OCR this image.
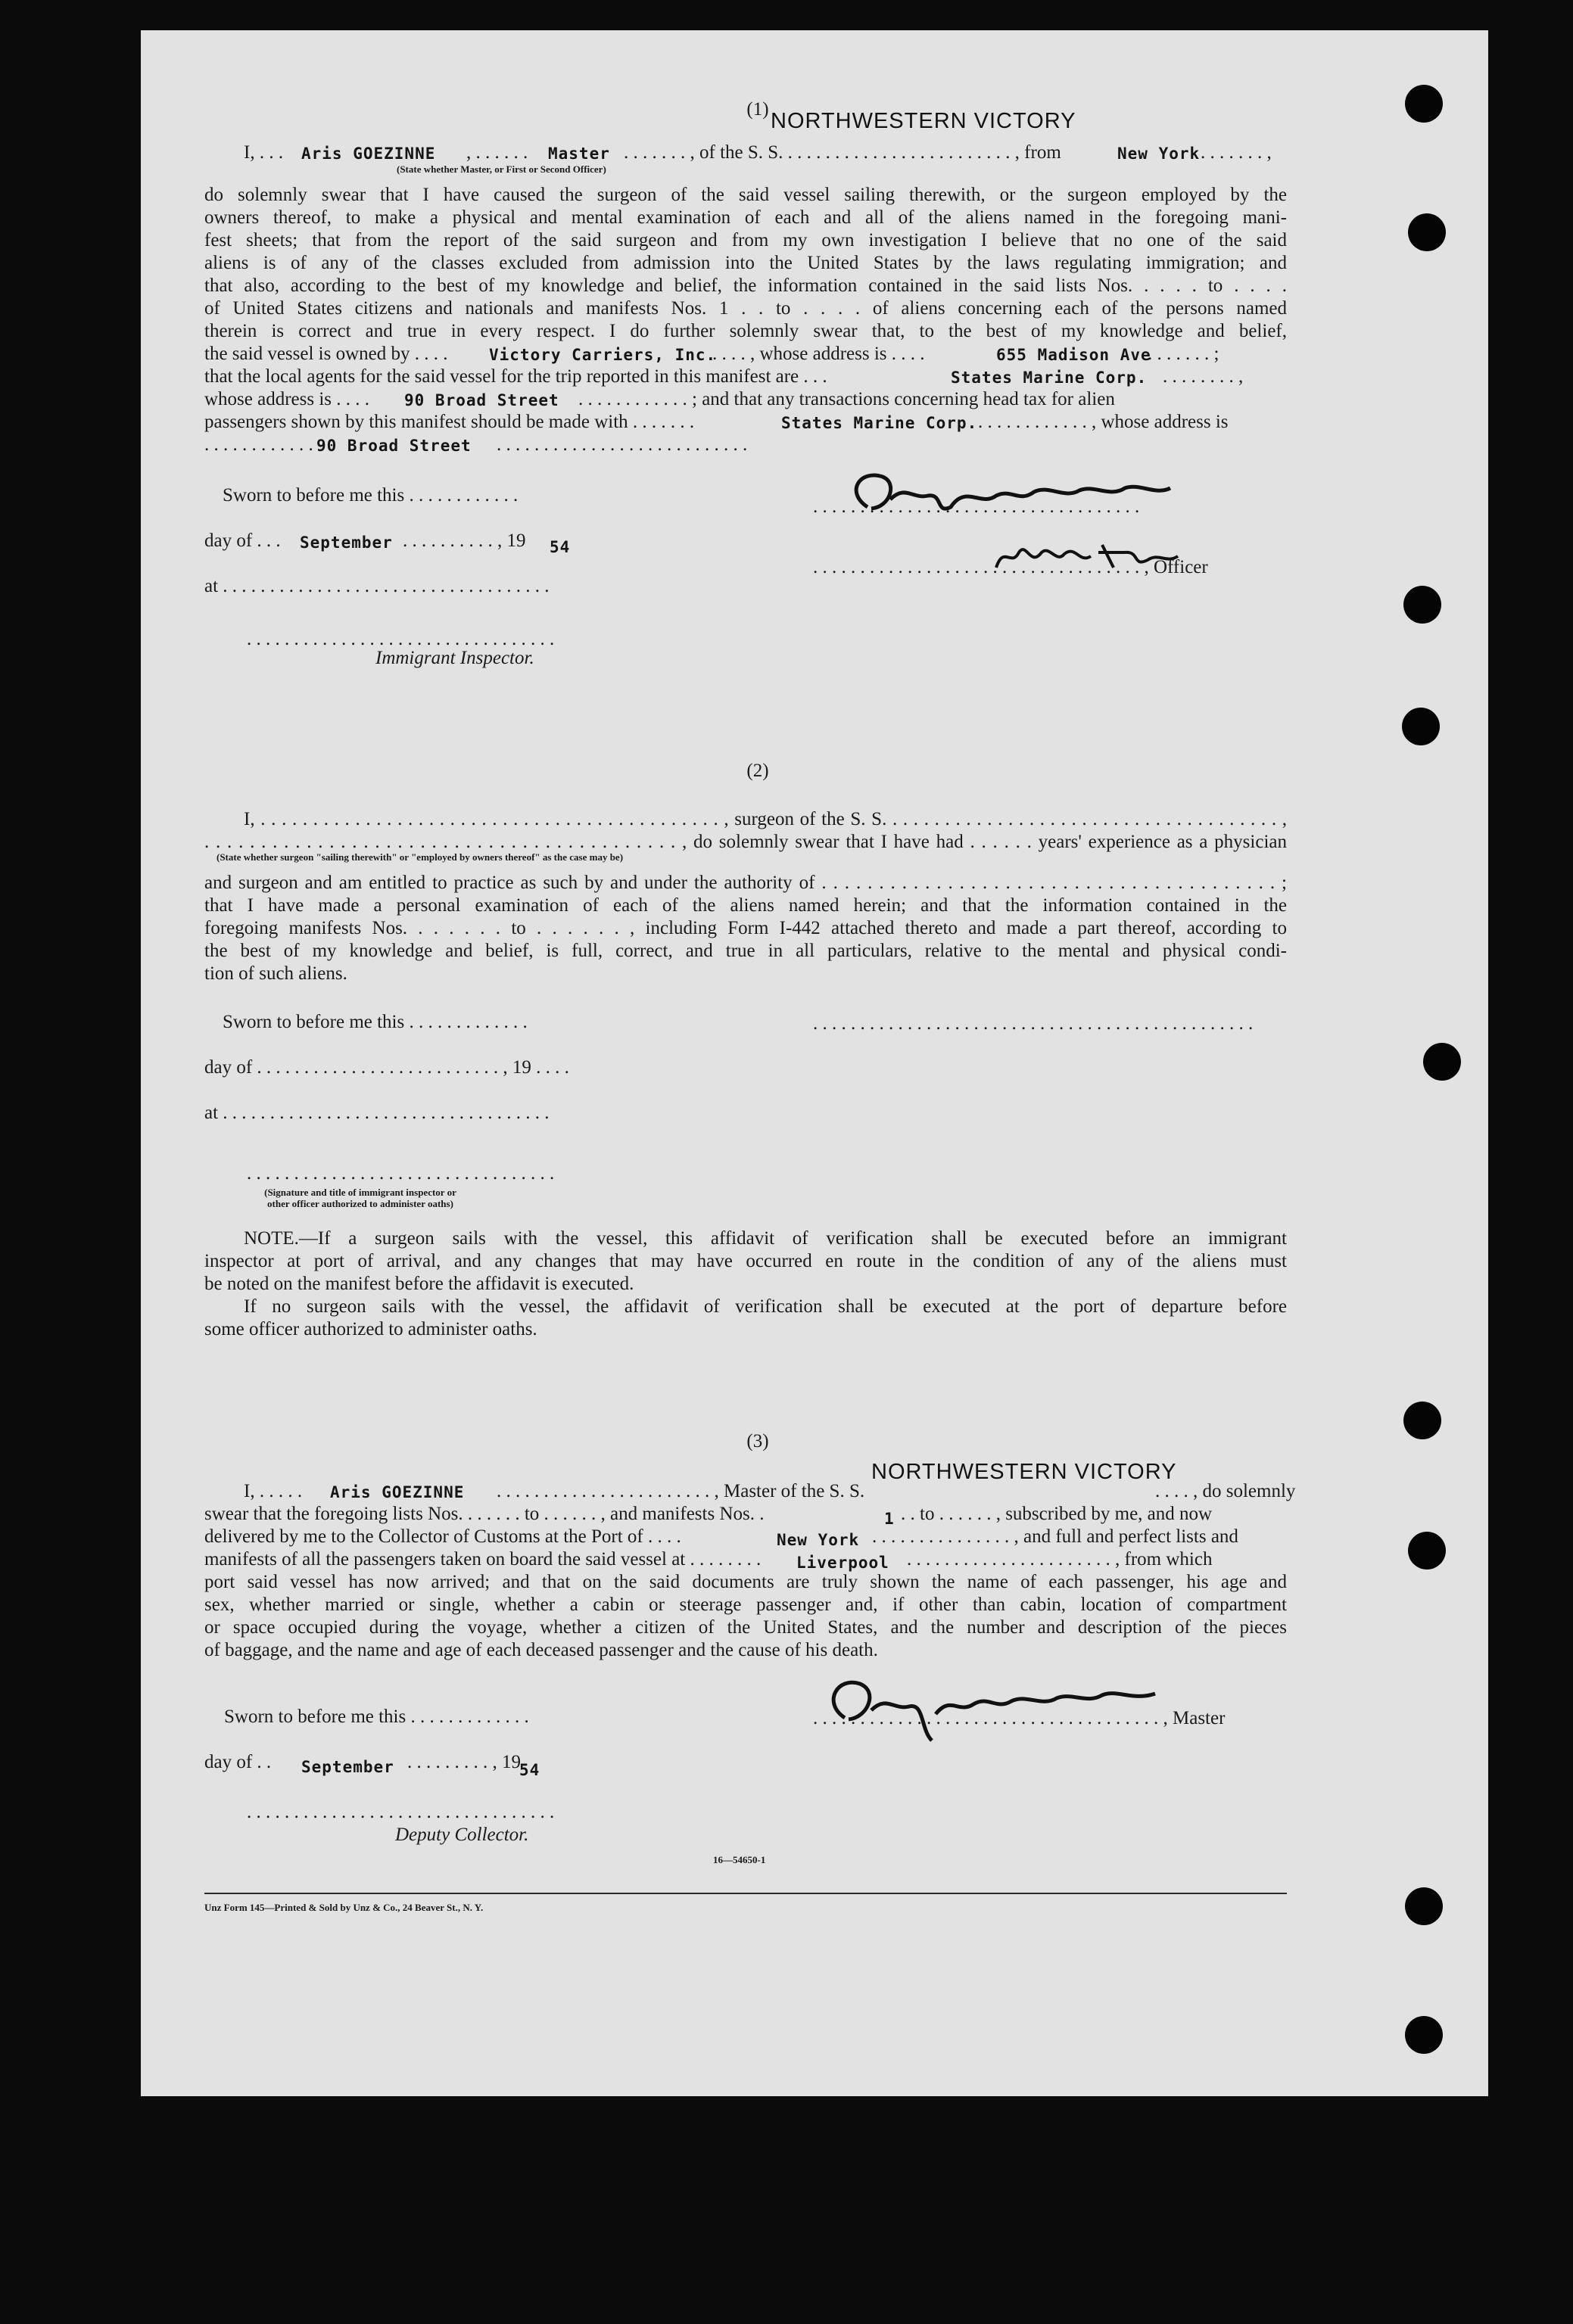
(1) NORTHWESTERN VICTORY
I, . . . Aris GOEZINNE , . . . . . . Master . . . . . . . , of the S. S. . . . . . . . . . . . . . . . . . . . . . . . . , from	New York . . . . . . . ,
(State whether Master, or First or Second Officer)
do solemnly swear that I have caused the surgeon of the said vessel sailing therewith, or the surgeon employed by the
owners thereof, to make a physical and mental examination of each and all of the aliens named in the foregoing mani-
fest sheets; that from the report of the said surgeon and from my own investigation I believe that no one of the said
aliens is of any of the classes excluded from admission into the United States by the laws regulating immigration; and
that also, according to the best of my knowledge and belief, the information contained in the said lists Nos. . . . . to . . . .
of United States citizens and nationals and manifests Nos. 1 . . to . . . . of aliens concerning each of the persons named
therein is correct and true in every respect. I do further solemnly swear that, to the best of my knowledge and belief,
the said vessel is owned by . . . .	Victory Carriers, Inc.
. . . . , whose address is . . . .	655 Madison Ave
. . . . . . . ;
that the local agents for the said vessel for the trip reported in this manifest are . . .	States Marine Corp. . . . . . . . . ,
whose address is . . . . 90 Broad Street . . . . . . . . . . . . ; and that any transactions concerning head tax for alien
passengers shown by this manifest should be made with . . . . . . .	States Marine Corp. . . . . . . . . . . . . , whose address is
. . . . . . . . . . . . 90 Broad Street . . . . . . . . . . . . . . . . . . . . . . . . . . .
Sworn to before me this . . . . . . . . . . . .
. . . . . . . . . . . . . . . . . . . . . . . . . . . . . . . . . . .
day of . . . September . . . . . . . . . . , 19 54
. . . . . . . . . . . . . . . . . . . . . . . . . . . . . . . . . . . , Officer
at . . . . . . . . . . . . . . . . . . . . . . . . . . . . . . . . . . .
. . . . . . . . . . . . . . . . . . . . . . . . . . . . . . . . .
Immigrant Inspector.
(2)
I, . . . . . . . . . . . . . . . . . . . . . . . . . . . . . . . . . . . . . . . . . . . . , surgeon of the S. S. . . . . . . . . . . . . . . . . . . . . . . . . . . . . . . . . . . . . . ,
. . . . . . . . . . . . . . . . . . . . . . . . . . . . . . . . . . . . . . . . . . , do solemnly swear that I have had . . . . . . years' experience as a physician
(State whether surgeon "sailing therewith" or "employed by owners thereof" as the case may be)
and surgeon and am entitled to practice as such by and under the authority of . . . . . . . . . . . . . . . . . . . . . . . . . . . . . . . . . . . . . . . . ;
that I have made a personal examination of each of the aliens named herein; and that the information contained in the
foregoing manifests Nos. . . . . . . to . . . . . . , including Form I-442 attached thereto and made a part thereof, according to
the best of my knowledge and belief, is full, correct, and true in all particulars, relative to the mental and physical condi-
tion of such aliens.
Sworn to before me this . . . . . . . . . . . . .	. . . . . . . . . . . . . . . . . . . . . . . . . . . . . . . . . . . . . . . . . . . . . . .
day of . . . . . . . . . . . . . . . . . . . . . . . . . . , 19 . . . .
at . . . . . . . . . . . . . . . . . . . . . . . . . . . . . . . . . . .
. . . . . . . . . . . . . . . . . . . . . . . . . . . . . . . . .
(Signature and title of immigrant inspector or
other officer authorized to administer oaths)
NOTE.—If a surgeon sails with the vessel, this affidavit of verification shall be executed before an immigrant
inspector at port of arrival, and any changes that may have occurred en route in the condition of any of the aliens must
be noted on the manifest before the affidavit is executed.
If no surgeon sails with the vessel, the affidavit of verification shall be executed at the port of departure before
some officer authorized to administer oaths.
(3)
I, . . . . . Aris GOEZINNE . . . . . . . . . . . . . . . . . . . . . . . , Master of the S. S.
NORTHWESTERN VICTORY
. . . . , do solemnly
swear that the foregoing lists Nos. . . . . . . to . . . . . . , and manifests Nos. .	1 . . to . . . . . . , subscribed by me, and now
delivered by me to the Collector of Customs at the Port of . . . .	New York . . . . . . . . . . . . . . . , and full and perfect lists and
manifests of all the passengers taken on board the said vessel at . . . . . . . . Liverpool . . . . . . . . . . . . . . . . . . . . . . , from which
port said vessel has now arrived; and that on the said documents are truly shown the name of each passenger, his age and
sex, whether married or single, whether a cabin or steerage passenger and, if other than cabin, location of compartment
or space occupied during the voyage, whether a citizen of the United States, and the number and description of the pieces
of baggage, and the name and age of each deceased passenger and the cause of his death.
Sworn to before me this . . . . . . . . . . . . .	. . . . . . . . . . . . . . . . . . . . . . . . . . . . . . . . . . . . . , Master
day of . . September . . . . . . . . . , 19
54
. . . . . . . . . . . . . . . . . . . . . . . . . . . . . . . . .
Deputy Collector.
16—54650-1
Unz Form 145—Printed & Sold by Unz & Co., 24 Beaver St., N. Y.
